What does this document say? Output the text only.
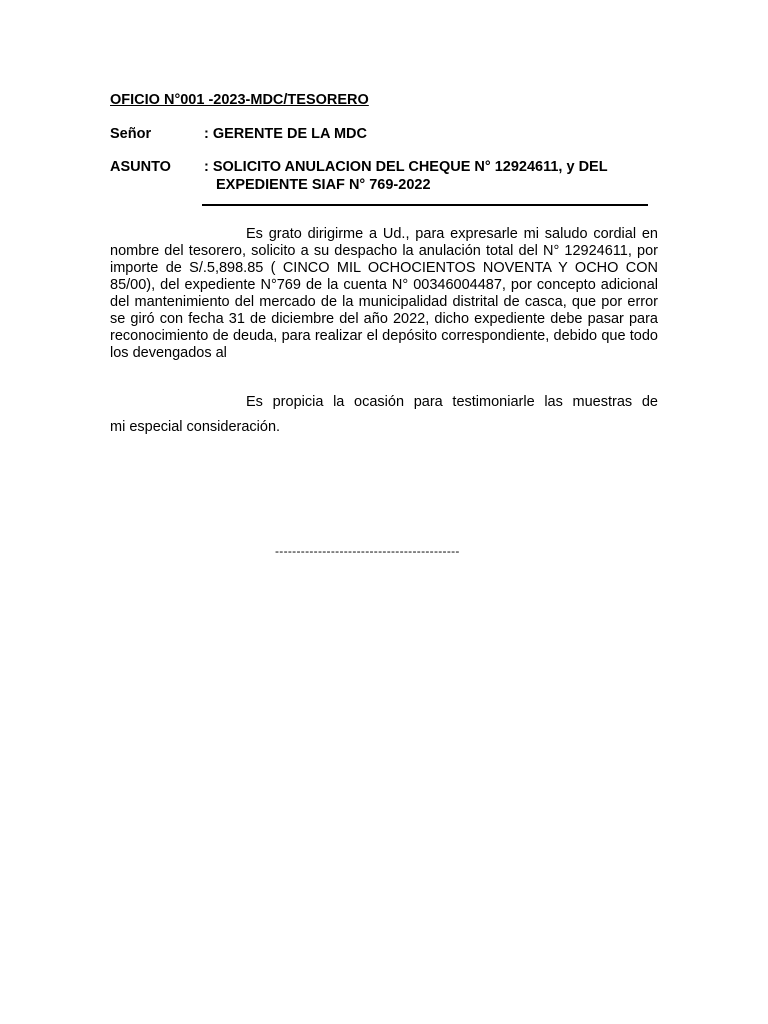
OFICIO N°001 -2023-MDC/TESORERO
Señor	: GERENTE DE LA MDC
ASUNTO : SOLICITO ANULACION DEL CHEQUE N° 12924611, y DEL
EXPEDIENTE SIAF N° 769-2022

Es grato dirigirme a Ud., para expresarle mi saludo cordial en nombre del tesorero, solicito a su despacho la anulación total del N° 12924611, por importe de S/.5,898.85 ( CINCO MIL OCHOCIENTOS NOVENTA Y OCHO CON 85/00), del expediente N°769 de la cuenta N° 00346004487, por concepto adicional del mantenimiento del mercado de la municipalidad distrital de casca, que por error se giró con fecha 31 de diciembre del año 2022, dicho expediente debe pasar para reconocimiento de deuda, para realizar el depósito correspondiente, debido que todo los devengados al

Es propicia la ocasión para testimoniarle las muestras de

mi especial consideración.
-------------------------------------------
